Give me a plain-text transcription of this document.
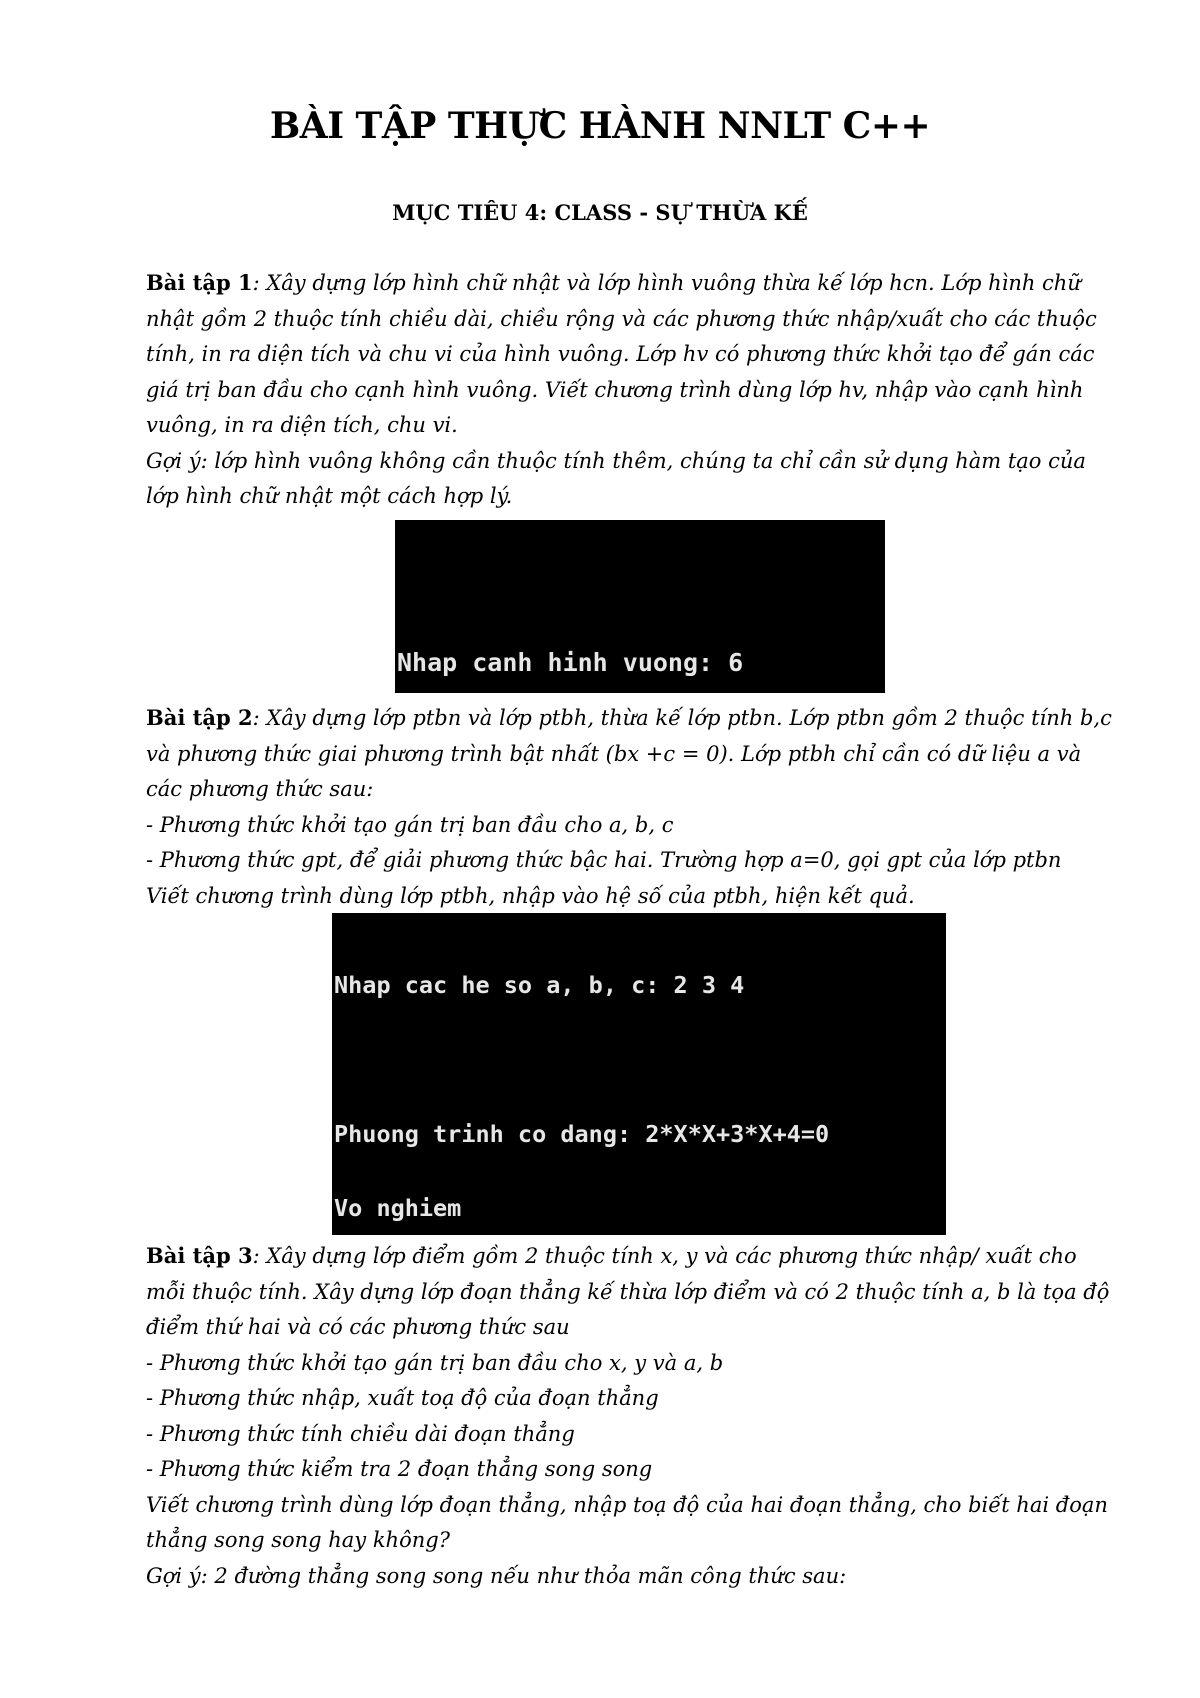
BÀI TẬP THỰC HÀNH NNLT C++
MỤC TIÊU 4: CLASS - SỰ THỪA KẾ

Bài tập 1: Xây dựng lớp hình chữ nhật và lớp hình vuông thừa kế lớp hcn. Lớp hình chữ nhật gồm 2 thuộc tính chiều dài, chiều rộng và các phương thức nhập/xuất cho các thuộc tính, in ra diện tích và chu vi của hình vuông. Lớp hv có phương thức khởi tạo để gán các giá trị ban đầu cho cạnh hình vuông. Viết chương trình dùng lớp hv, nhập vào cạnh hình vuông, in ra diện tích, chu vi.

Gợi ý: lớp hình vuông không cần thuộc tính thêm, chúng ta chỉ cần sử dụng hàm tạo của lớp hình chữ nhật một cách hợp lý.

Nhap canh hinh vuong: 6

Bài tập 2: Xây dựng lớp ptbn và lớp ptbh, thừa kế lớp ptbn. Lớp ptbn gồm 2 thuộc tính b,c và phương thức giai phương trình bật nhất (bx +c = 0). Lớp ptbh chỉ cần có dữ liệu a và các phương thức sau:

- Phương thức khởi tạo gán trị ban đầu cho a, b, c

- Phương thức gpt, để giải phương thức bậc hai. Trường hợp a=0, gọi gpt của lớp ptbn

Viết chương trình dùng lớp ptbh, nhập vào hệ số của ptbh, hiện kết quả.

Nhap cac he so a, b, c: 2 3 4

Phuong trinh co dang: 2*X*X+3*X+4=0

Vo nghiem

Bài tập 3: Xây dựng lớp điểm gồm 2 thuộc tính x, y và các phương thức nhập/ xuất cho mỗi thuộc tính. Xây dựng lớp đoạn thẳng kế thừa lớp điểm và có 2 thuộc tính a, b là tọa độ điểm thứ hai và có các phương thức sau

- Phương thức khởi tạo gán trị ban đầu cho x, y và a, b

- Phương thức nhập, xuất toạ độ của đoạn thẳng

- Phương thức tính chiều dài đoạn thẳng

- Phương thức kiểm tra 2 đoạn thẳng song song

Viết chương trình dùng lớp đoạn thẳng, nhập toạ độ của hai đoạn thẳng, cho biết hai đoạn thẳng song song hay không?

Gợi ý: 2 đường thẳng song song nếu như thỏa mãn công thức sau:
